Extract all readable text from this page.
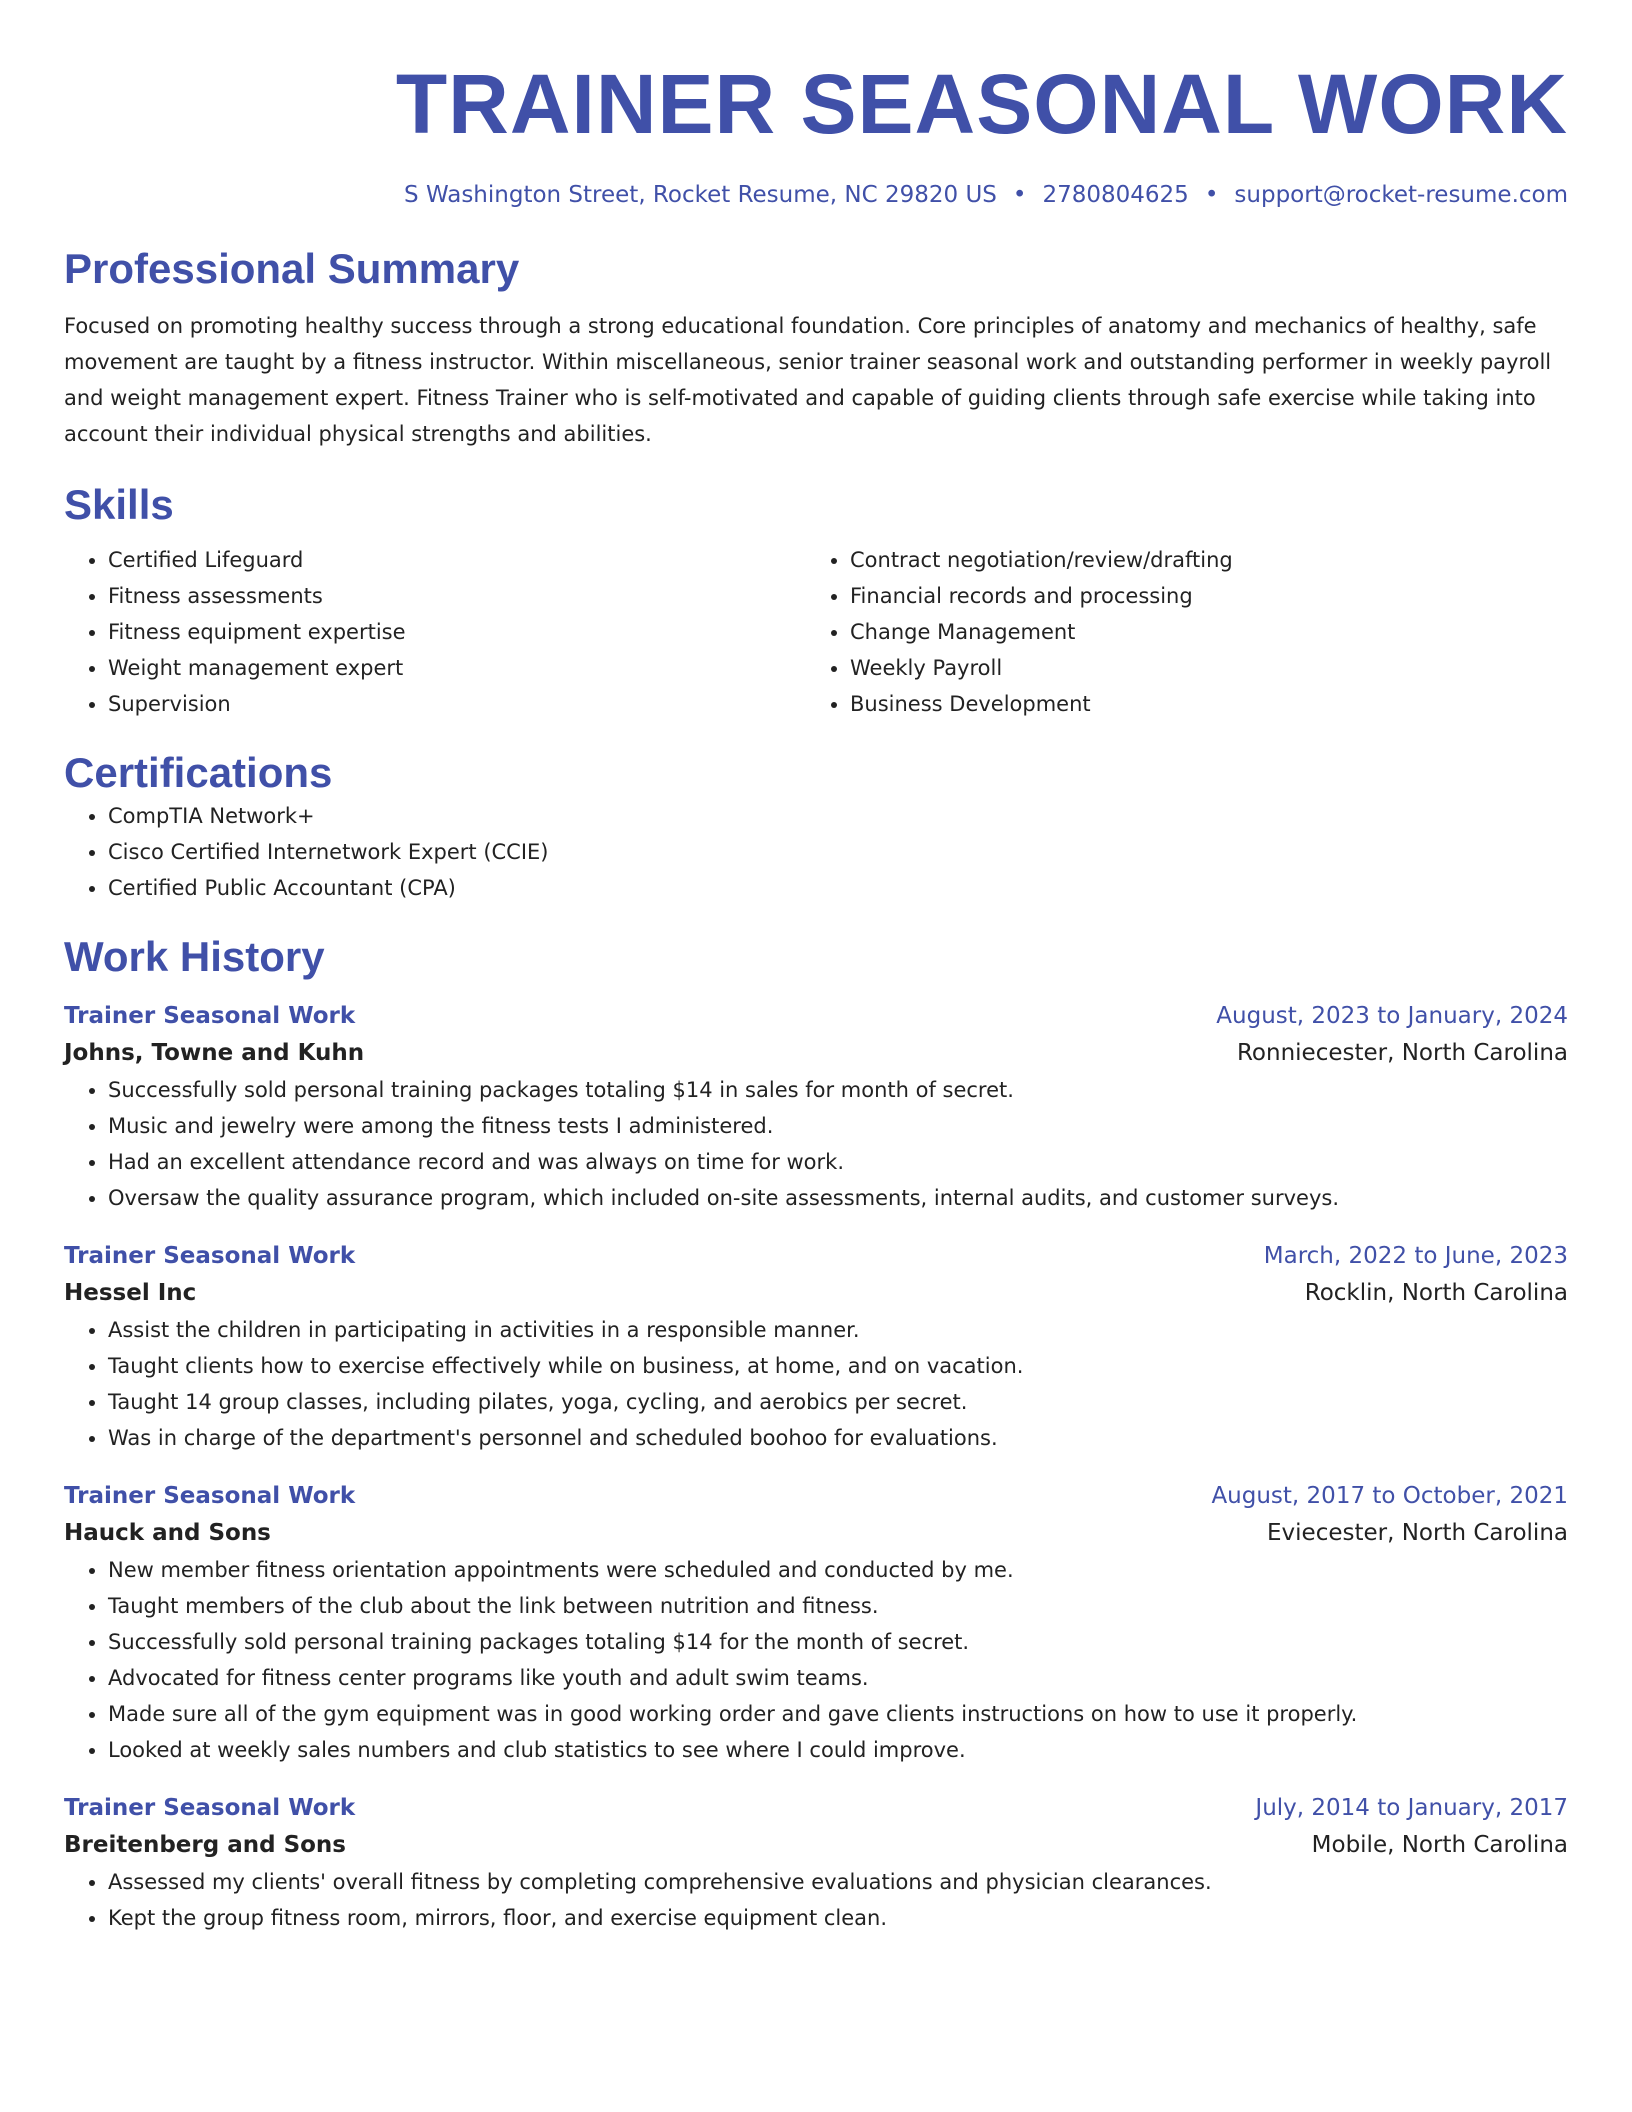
TRAINER SEASONAL WORK
S Washington Street, Rocket Resume, NC 29820 US • 2780804625 • support@rocket-resume.com
Professional Summary
Focused on promoting healthy success through a strong educational foundation. Core principles of anatomy and mechanics of healthy, safe movement are taught by a fitness instructor. Within miscellaneous, senior trainer seasonal work and outstanding performer in weekly payroll and weight management expert. Fitness Trainer who is self-motivated and capable of guiding clients through safe exercise while taking into account their individual physical strengths and abilities.
Skills
• Certified Lifeguard
• Fitness assessments
• Fitness equipment expertise
• Weight management expert
• Supervision
• Contract negotiation/review/drafting
• Financial records and processing
• Change Management
• Weekly Payroll
• Business Development
Certifications
• CompTIA Network+
• Cisco Certified Internetwork Expert (CCIE)
• Certified Public Accountant (CPA)
Work History
Trainer Seasonal Work	August, 2023 to January, 2024
Johns, Towne and Kuhn	Ronniecester, North Carolina
• Successfully sold personal training packages totaling $14 in sales for month of secret.
• Music and jewelry were among the fitness tests I administered.
• Had an excellent attendance record and was always on time for work.
• Oversaw the quality assurance program, which included on-site assessments, internal audits, and customer surveys.
Trainer Seasonal Work	March, 2022 to June, 2023
Hessel Inc	Rocklin, North Carolina
• Assist the children in participating in activities in a responsible manner.
• Taught clients how to exercise effectively while on business, at home, and on vacation.
• Taught 14 group classes, including pilates, yoga, cycling, and aerobics per secret.
• Was in charge of the department's personnel and scheduled boohoo for evaluations.
Trainer Seasonal Work	August, 2017 to October, 2021
Hauck and Sons	Eviecester, North Carolina
• New member fitness orientation appointments were scheduled and conducted by me.
• Taught members of the club about the link between nutrition and fitness.
• Successfully sold personal training packages totaling $14 for the month of secret.
• Advocated for fitness center programs like youth and adult swim teams.
• Made sure all of the gym equipment was in good working order and gave clients instructions on how to use it properly.
• Looked at weekly sales numbers and club statistics to see where I could improve.
Trainer Seasonal Work	July, 2014 to January, 2017
Breitenberg and Sons	Mobile, North Carolina
• Assessed my clients' overall fitness by completing comprehensive evaluations and physician clearances.
• Kept the group fitness room, mirrors, floor, and exercise equipment clean.
